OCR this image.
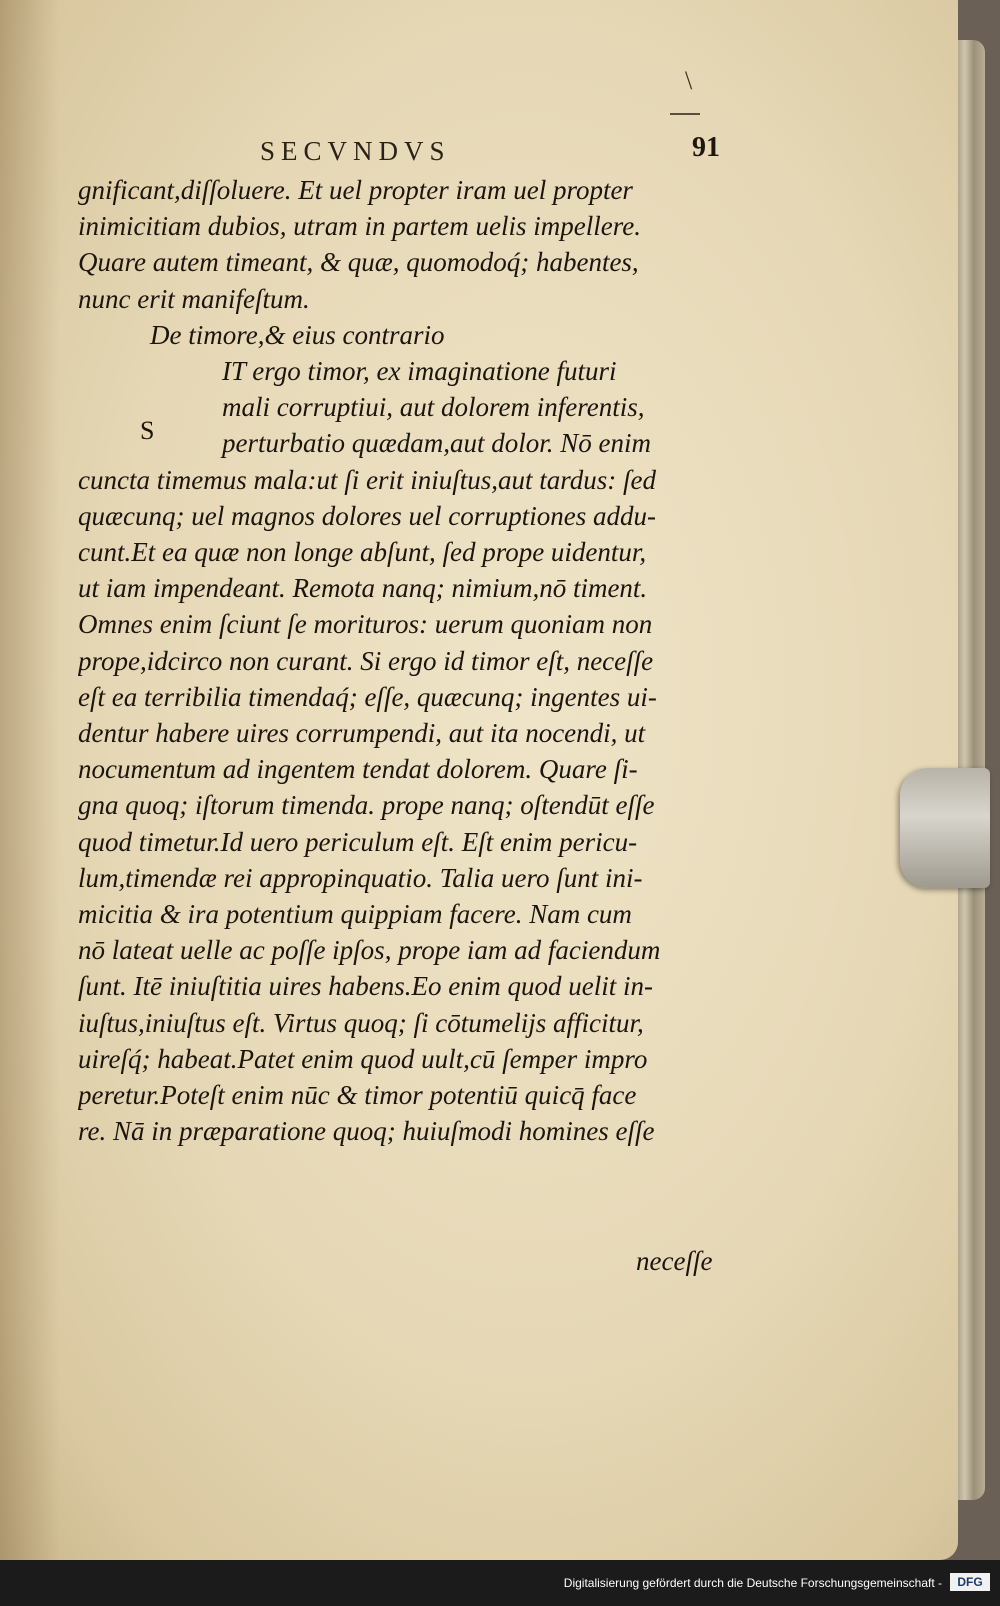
\
SECVNDVS	91
gnificant,diſſoluere. Et uel propter iram uel propter
inimicitiam dubios, utram in partem uelis impellere.
Quare autem timeant, & quæ, quomodoq́; habentes,
nunc erit manifeſtum.
De timore,& eius contrario
IT ergo timor, ex imaginatione futuri
mali corruptiui, aut dolorem inferentis,
perturbatio quædam,aut dolor. Nō enim
cuncta timemus mala:ut ſi erit iniuſtus,aut tardus: ſed
quæcunq; uel magnos dolores uel corruptiones addu-
cunt.Et ea quæ non longe abſunt, ſed prope uidentur,
ut iam impendeant. Remota nanq; nimium,nō timent.
Omnes enim ſciunt ſe morituros: uerum quoniam non
prope,idcirco non curant. Si ergo id timor eſt, neceſſe
eſt ea terribilia timendaq́; eſſe, quæcunq; ingentes ui-
dentur habere uires corrumpendi, aut ita nocendi, ut
nocumentum ad ingentem tendat dolorem. Quare ſi-
gna quoq; iſtorum timenda. prope nanq; oſtendūt eſſe
quod timetur.Id uero periculum eſt. Eſt enim pericu-
lum,timendæ rei appropinquatio. Talia uero ſunt ini-
micitia & ira potentium quippiam facere. Nam cum
nō lateat uelle ac poſſe ipſos, prope iam ad faciendum
ſunt. Itē iniuſtitia uires habens.Eo enim quod uelit in-
iuſtus,iniuſtus eſt. Virtus quoq; ſi cōtumelijs afficitur,
uireſq́; habeat.Patet enim quod uult,cū ſemper impro
peretur.Poteſt enim nūc & timor potentiū quicq̄ face
re. Nā in præparatione quoq; huiuſmodi homines eſſe
S
neceſſe
Digitalisierung gefördert durch die Deutsche Forschungsgemeinschaft -	DFG
